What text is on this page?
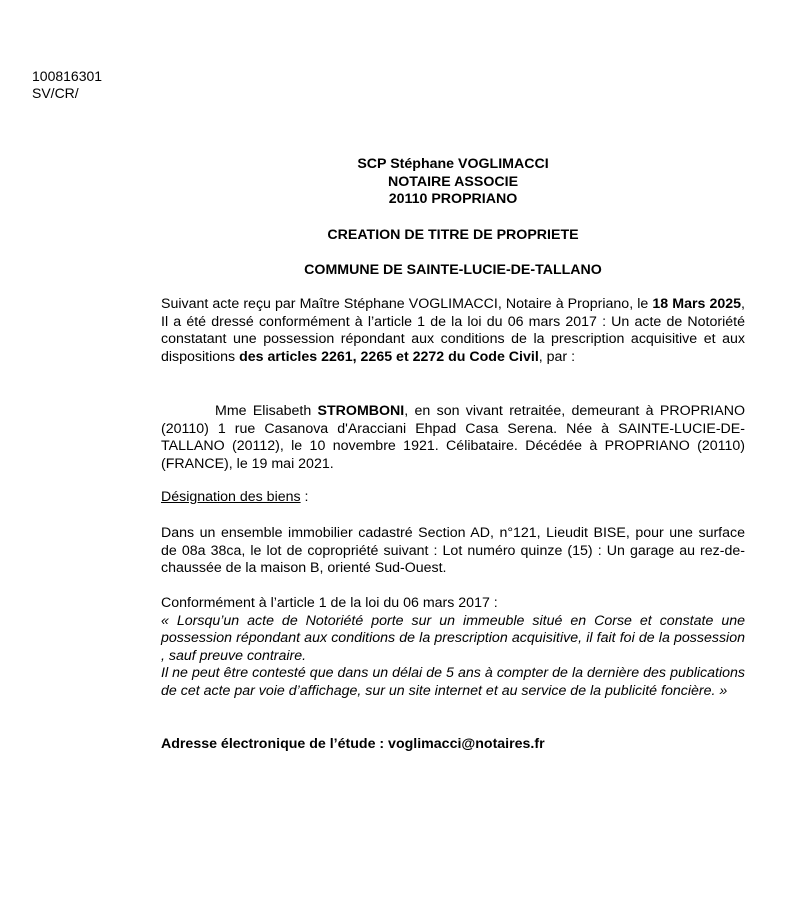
100816301
SV/CR/
SCP Stéphane VOGLIMACCI
NOTAIRE ASSOCIE
20110 PROPRIANO
CREATION DE TITRE DE PROPRIETE
COMMUNE DE SAINTE-LUCIE-DE-TALLANO
Suivant acte reçu par Maître Stéphane VOGLIMACCI, Notaire à Propriano, le 18 Mars 2025, Il a été dressé conformément à l’article 1 de la loi du 06 mars 2017 : Un acte de Notoriété constatant une possession répondant aux conditions de la prescription acquisitive et aux dispositions des articles 2261, 2265 et 2272 du Code Civil, par :
Mme Elisabeth STROMBONI, en son vivant retraitée, demeurant à PROPRIANO (20110) 1 rue Casanova d'Aracciani Ehpad Casa Serena. Née à SAINTE-LUCIE-DE-TALLANO (20112), le 10 novembre 1921. Célibataire. Décédée à PROPRIANO (20110) (FRANCE), le 19 mai 2021.
Désignation des biens :
Dans un ensemble immobilier cadastré Section AD, n°121, Lieudit BISE, pour une surface de 08a 38ca, le lot de copropriété suivant : Lot numéro quinze (15) : Un garage au rez-de-chaussée de la maison B, orienté Sud-Ouest.
Conformément à l’article 1 de la loi du 06 mars 2017 :
« Lorsqu’un acte de Notoriété porte sur un immeuble situé en Corse et constate une possession répondant aux conditions de la prescription acquisitive, il fait foi de la possession , sauf preuve contraire.
Il ne peut être contesté que dans un délai de 5 ans à compter de la dernière des publications de cet acte par voie d’affichage, sur un site internet et au service de la publicité foncière. »
Adresse électronique de l’étude : voglimacci@notaires.fr
